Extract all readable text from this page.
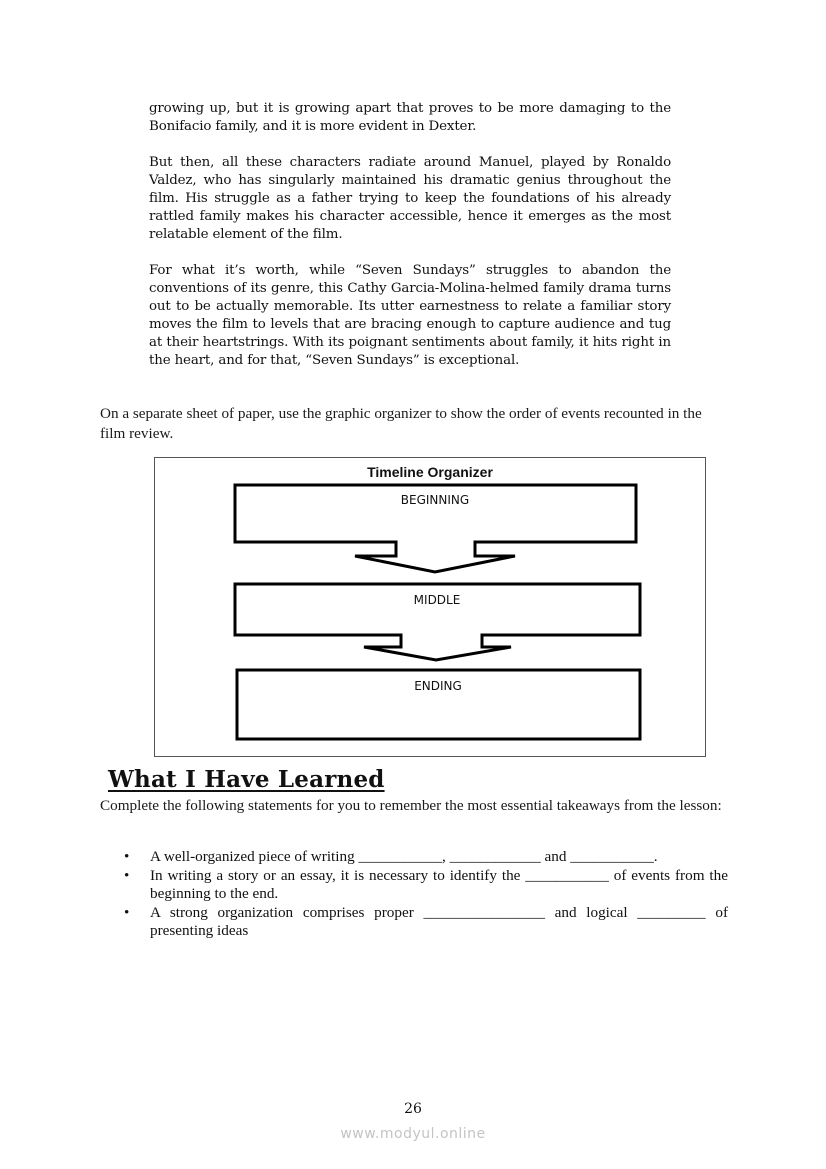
growing up, but it is growing apart that proves to be more damaging to the Bonifacio family, and it is more evident in Dexter.

But then, all these characters radiate around Manuel, played by Ronaldo Valdez, who has singularly maintained his dramatic genius throughout the film. His struggle as a father trying to keep the foundations of his already rattled family makes his character accessible, hence it emerges as the most relatable element of the film.

For what it’s worth, while “Seven Sundays” struggles to abandon the conventions of its genre, this Cathy Garcia-Molina-helmed family drama turns out to be actually memorable. Its utter earnestness to relate a familiar story moves the film to levels that are bracing enough to capture audience and tug at their heartstrings. With its poignant sentiments about family, it hits right in the heart, and for that, “Seven Sundays” is exceptional.

On a separate sheet of paper, use the graphic organizer to show the order of events recounted in the film review.

Timeline Organizer
BEGINNING
MIDDLE
ENDING
What I Have Learned

Complete the following statements for you to remember the most essential takeaways from the lesson:

• A well-organized piece of writing ___________, ____________ and ___________.
• In writing a story or an essay, it is necessary to identify the ___________ of events from the beginning to the end.
• A strong organization comprises proper ________________ and logical _________ of presenting ideas
26
www.modyul.online
